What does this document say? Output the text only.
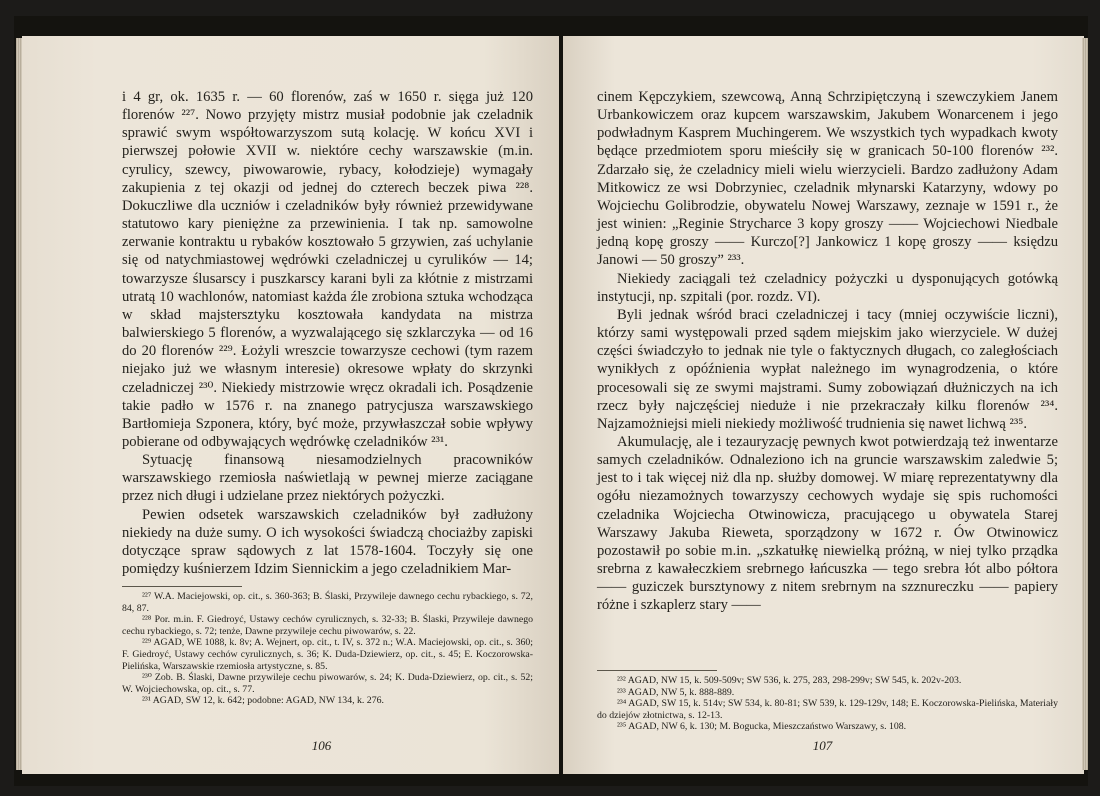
i 4 gr, ok. 1635 r. — 60 florenów, zaś w 1650 r. sięga już 120 florenów ²²⁷. Nowo przyjęty mistrz musiał podobnie jak czeladnik sprawić swym współtowarzyszom sutą kolację. W końcu XVI i pierwszej połowie XVII w. niektóre cechy warszawskie (m.in. cyrulicy, szewcy, piwowarowie, rybacy, kołodzieje) wymagały zakupienia z tej okazji od jednej do czterech beczek piwa ²²⁸. Dokuczliwe dla uczniów i czeladników były również przewidywane statutowo kary pieniężne za przewinienia. I tak np. samowolne zerwanie kontraktu u rybaków kosztowało 5 grzywien, zaś uchylanie się od natychmiastowej wędrówki czeladniczej u cyrulików — 14; towarzysze ślusarscy i puszkarscy karani byli za kłótnie z mistrzami utratą 10 wachlonów, natomiast każda źle zrobiona sztuka wchodząca w skład majstersztyku kosztowała kandydata na mistrza balwierskiego 5 florenów, a wyzwalającego się szklarczyka — od 16 do 20 florenów ²²⁹. Łożyli wreszcie towarzysze cechowi (tym razem niejako już we własnym interesie) okresowe wpłaty do skrzynki czeladniczej ²³⁰. Niekiedy mistrzowie wręcz okradali ich. Posądzenie takie padło w 1576 r. na znanego patrycjusza warszawskiego Bartłomieja Szponera, który, być może, przywłaszczał sobie wpływy pobierane od odbywających wędrówkę czeladników ²³¹.

Sytuację finansową niesamodzielnych pracowników warszawskiego rzemiosła naświetlają w pewnej mierze zaciągane przez nich długi i udzielane przez niektórych pożyczki.

Pewien odsetek warszawskich czeladników był zadłużony niekiedy na duże sumy. O ich wysokości świadczą chociażby zapiski dotyczące spraw sądowych z lat 1578-1604. Toczyły się one pomiędzy kuśnierzem Idzim Siennickim a jego czeladnikiem Mar-

²²⁷ W.A. Maciejowski, op. cit., s. 360-363; B. Ślaski, Przywileje dawnego cechu rybackiego, s. 72, 84, 87.

²²⁸ Por. m.in. F. Giedroyć, Ustawy cechów cyrulicznych, s. 32-33; B. Ślaski, Przywileje dawnego cechu rybackiego, s. 72; tenże, Dawne przywileje cechu piwowarów, s. 22.

²²⁹ AGAD, WE 1088, k. 8v; A. Wejnert, op. cit., t. IV, s. 372 n.; W.A. Maciejowski, op. cit., s. 360; F. Giedroyć, Ustawy cechów cyrulicznych, s. 36; K. Duda-Dziewierz, op. cit., s. 45; E. Koczorowska-Pielińska, Warszawskie rzemiosła artystyczne, s. 85.

²³⁰ Zob. B. Ślaski, Dawne przywileje cechu piwowarów, s. 24; K. Duda-Dziewierz, op. cit., s. 52; W. Wojciechowska, op. cit., s. 77.

²³¹ AGAD, SW 12, k. 642; podobne: AGAD, NW 134, k. 276.

106

cinem Kępczykiem, szewcową, Anną Schrzipiętczyną i szewczykiem Janem Urbankowiczem oraz kupcem warszawskim, Jakubem Wonarcenem i jego podwładnym Kasprem Muchingerem. We wszystkich tych wypadkach kwoty będące przedmiotem sporu mieściły się w granicach 50-100 florenów ²³². Zdarzało się, że czeladnicy mieli wielu wierzycieli. Bardzo zadłużony Adam Mitkowicz ze wsi Dobrzyniec, czeladnik młynarski Katarzyny, wdowy po Wojciechu Golibrodzie, obywatelu Nowej Warszawy, zeznaje w 1591 r., że jest winien: „Reginie Strycharce 3 kopy groszy —— Wojciechowi Niedbale jedną kopę groszy —— Kurczo[?] Jankowicz 1 kopę groszy —— księdzu Janowi — 50 groszy” ²³³.

Niekiedy zaciągali też czeladnicy pożyczki u dysponujących gotówką instytucji, np. szpitali (por. rozdz. VI).

Byli jednak wśród braci czeladniczej i tacy (mniej oczywiście liczni), którzy sami występowali przed sądem miejskim jako wierzyciele. W dużej części świadczyło to jednak nie tyle o faktycznych długach, co zaległościach wynikłych z opóźnienia wypłat należnego im wynagrodzenia, o które procesowali się ze swymi majstrami. Sumy zobowiązań dłużniczych na ich rzecz były najczęściej nieduże i nie przekraczały kilku florenów ²³⁴. Najzamożniejsi mieli niekiedy możliwość trudnienia się nawet lichwą ²³⁵.

Akumulację, ale i tezauryzację pewnych kwot potwierdzają też inwentarze samych czeladników. Odnaleziono ich na gruncie warszawskim zaledwie 5; jest to i tak więcej niż dla np. służby domowej. W miarę reprezentatywny dla ogółu niezamożnych towarzyszy cechowych wydaje się spis ruchomości czeladnika Wojciecha Otwinowicza, pracującego u obywatela Starej Warszawy Jakuba Rieweta, sporządzony w 1672 r. Ów Otwinowicz pozostawił po sobie m.in. „szkatułkę niewielką próżną, w niej tylko prządka srebrna z kawałeczkiem srebrnego łańcuszka — tego srebra łót albo półtora —— guziczek bursztynowy z nitem srebrnym na szznureczku —— papiery różne i szkaplerz stary ——

²³² AGAD, NW 15, k. 509-509v; SW 536, k. 275, 283, 298-299v; SW 545, k. 202v-203.

²³³ AGAD, NW 5, k. 888-889.

²³⁴ AGAD, SW 15, k. 514v; SW 534, k. 80-81; SW 539, k. 129-129v, 148; E. Koczorowska-Pielińska, Materiały do dziejów złotnictwa, s. 12-13.

²³⁵ AGAD, NW 6, k. 130; M. Bogucka, Mieszczaństwo Warszawy, s. 108.

107
